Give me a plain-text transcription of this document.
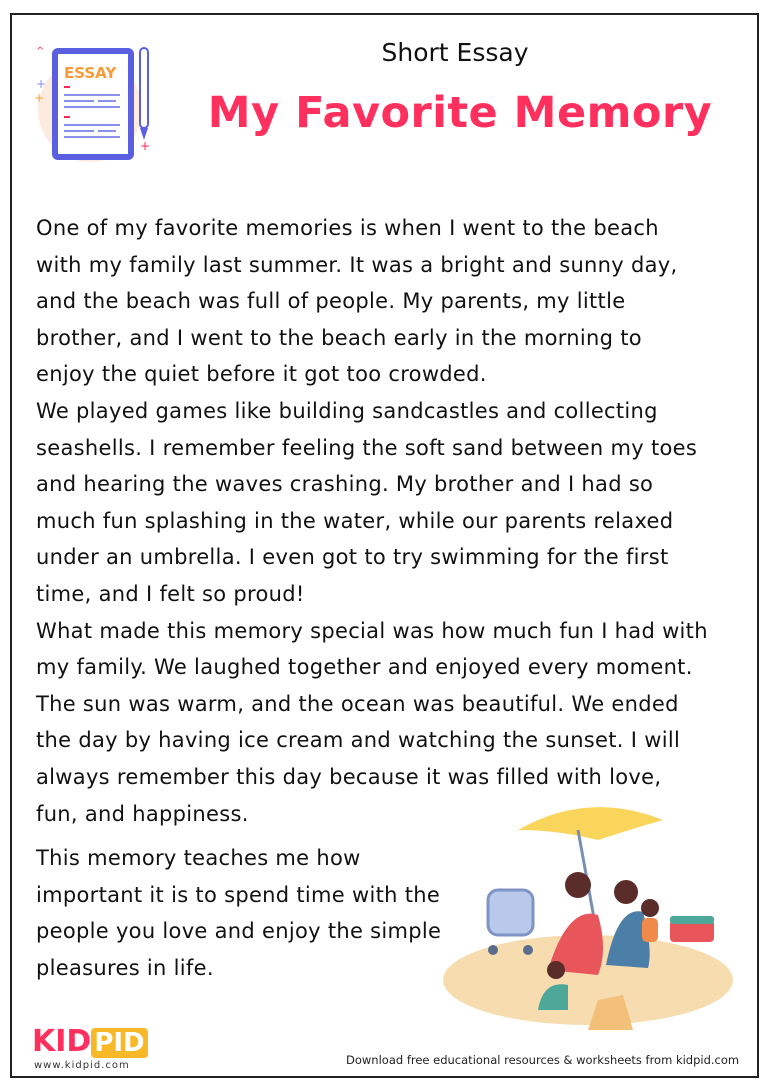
ESSAY
^
+
+
+
Short Essay
My Favorite Memory
One of my favorite memories is when I went to the beach
with my family last summer. It was a bright and sunny day,
and the beach was full of people. My parents, my little
brother, and I went to the beach early in the morning to
enjoy the quiet before it got too crowded.
We played games like building sandcastles and collecting
seashells. I remember feeling the soft sand between my toes
and hearing the waves crashing. My brother and I had so
much fun splashing in the water, while our parents relaxed
under an umbrella. I even got to try swimming for the first
time, and I felt so proud!
What made this memory special was how much fun I had with
my family. We laughed together and enjoyed every moment.
The sun was warm, and the ocean was beautiful. We ended
the day by having ice cream and watching the sunset. I will
always remember this day because it was filled with love,
fun, and happiness.
This memory teaches me how
important it is to spend time with the
people you love and enjoy the simple
pleasures in life.
KID PID
www.kidpid.com	Download free educational resources & worksheets from kidpid.com
